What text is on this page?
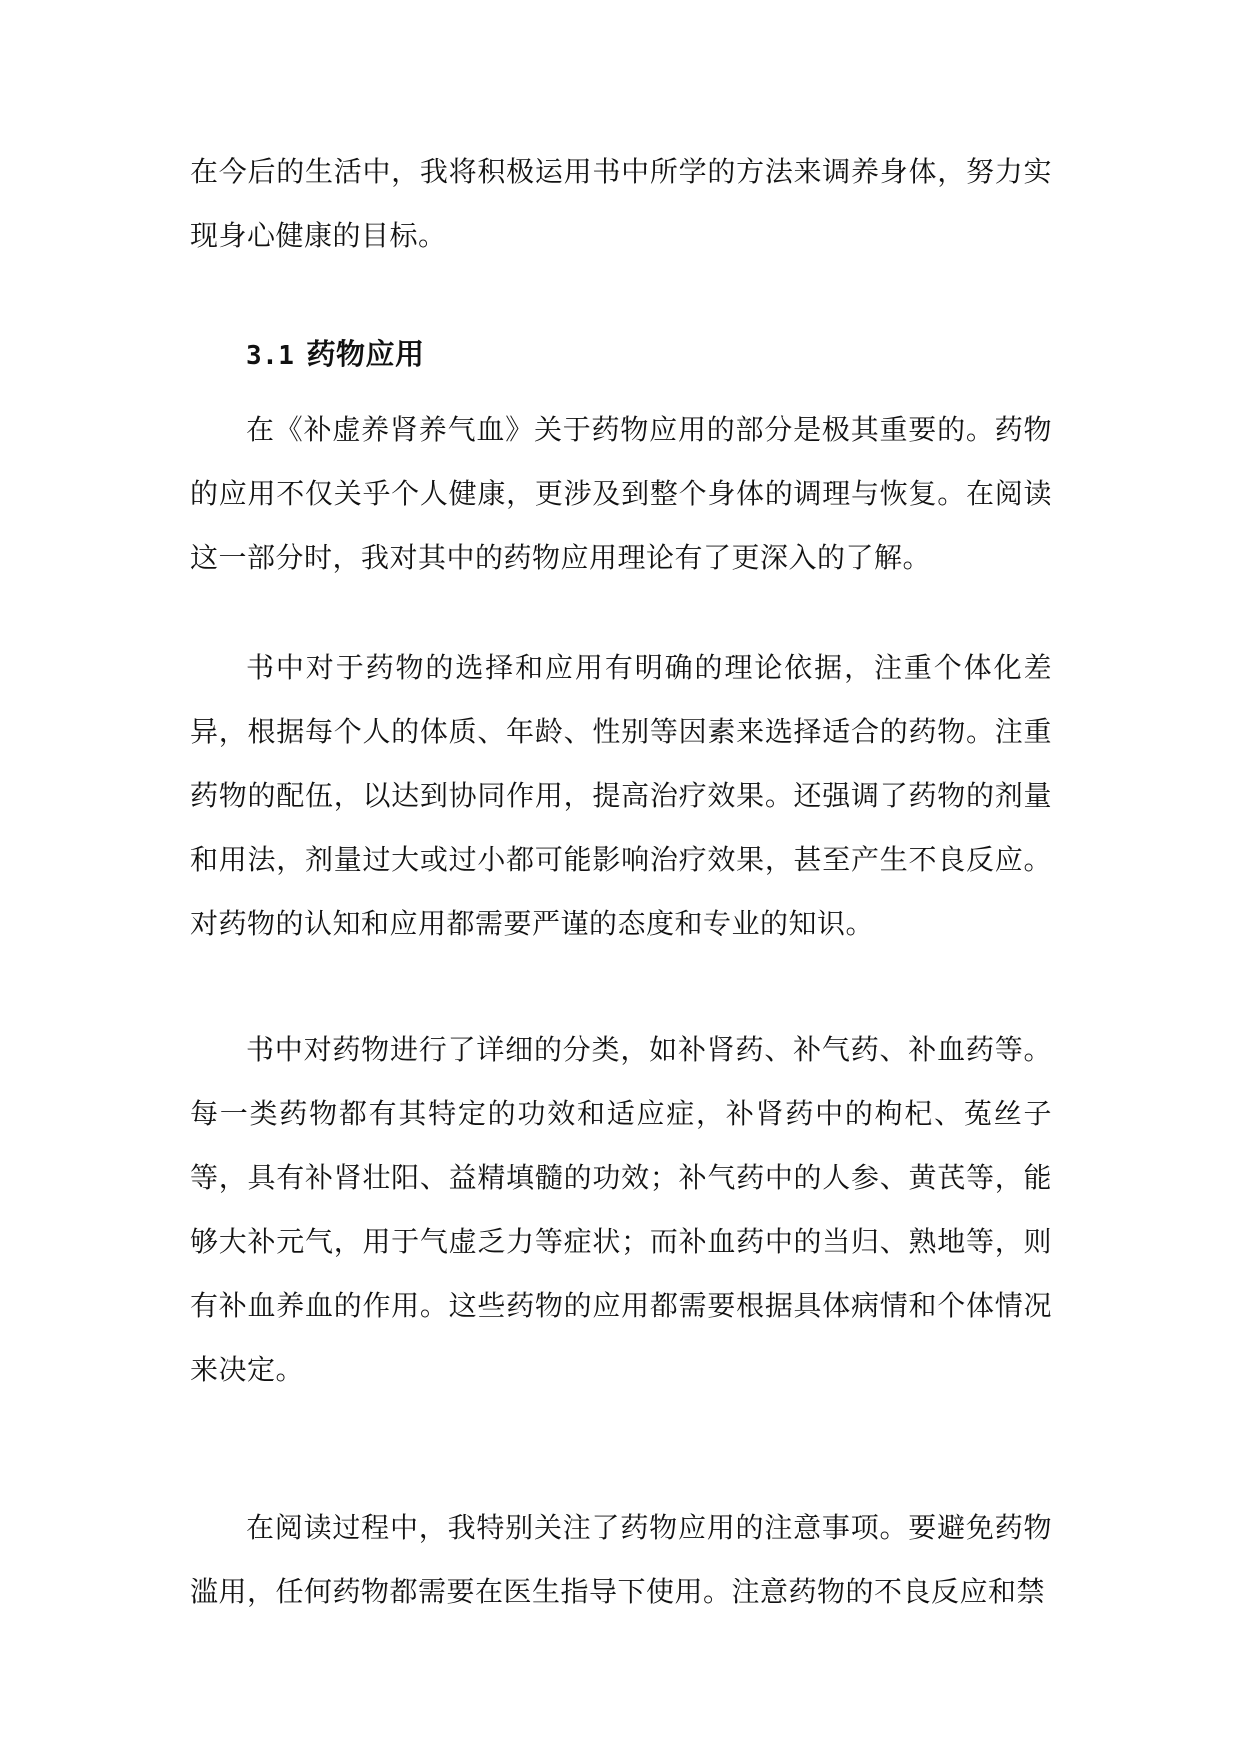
在今后的生活中，我将积极运用书中所学的方法来调养身体，努力实现身心健康的目标。

3.1 药物应用

在《补虚养肾养气血》关于药物应用的部分是极其重要的。药物的应用不仅关乎个人健康，更涉及到整个身体的调理与恢复。在阅读这一部分时，我对其中的药物应用理论有了更深入的了解。

书中对于药物的选择和应用有明确的理论依据，注重个体化差异，根据每个人的体质、年龄、性别等因素来选择适合的药物。注重药物的配伍，以达到协同作用，提高治疗效果。还强调了药物的剂量和用法，剂量过大或过小都可能影响治疗效果，甚至产生不良反应。对药物的认知和应用都需要严谨的态度和专业的知识。

书中对药物进行了详细的分类，如补肾药、补气药、补血药等。每一类药物都有其特定的功效和适应症，补肾药中的枸杞、菟丝子等，具有补肾壮阳、益精填髓的功效；补气药中的人参、黄芪等，能够大补元气，用于气虚乏力等症状；而补血药中的当归、熟地等，则有补血养血的作用。这些药物的应用都需要根据具体病情和个体情况来决定。

在阅读过程中，我特别关注了药物应用的注意事项。要避免药物滥用，任何药物都需要在医生指导下使用。注意药物的不良反应和禁
